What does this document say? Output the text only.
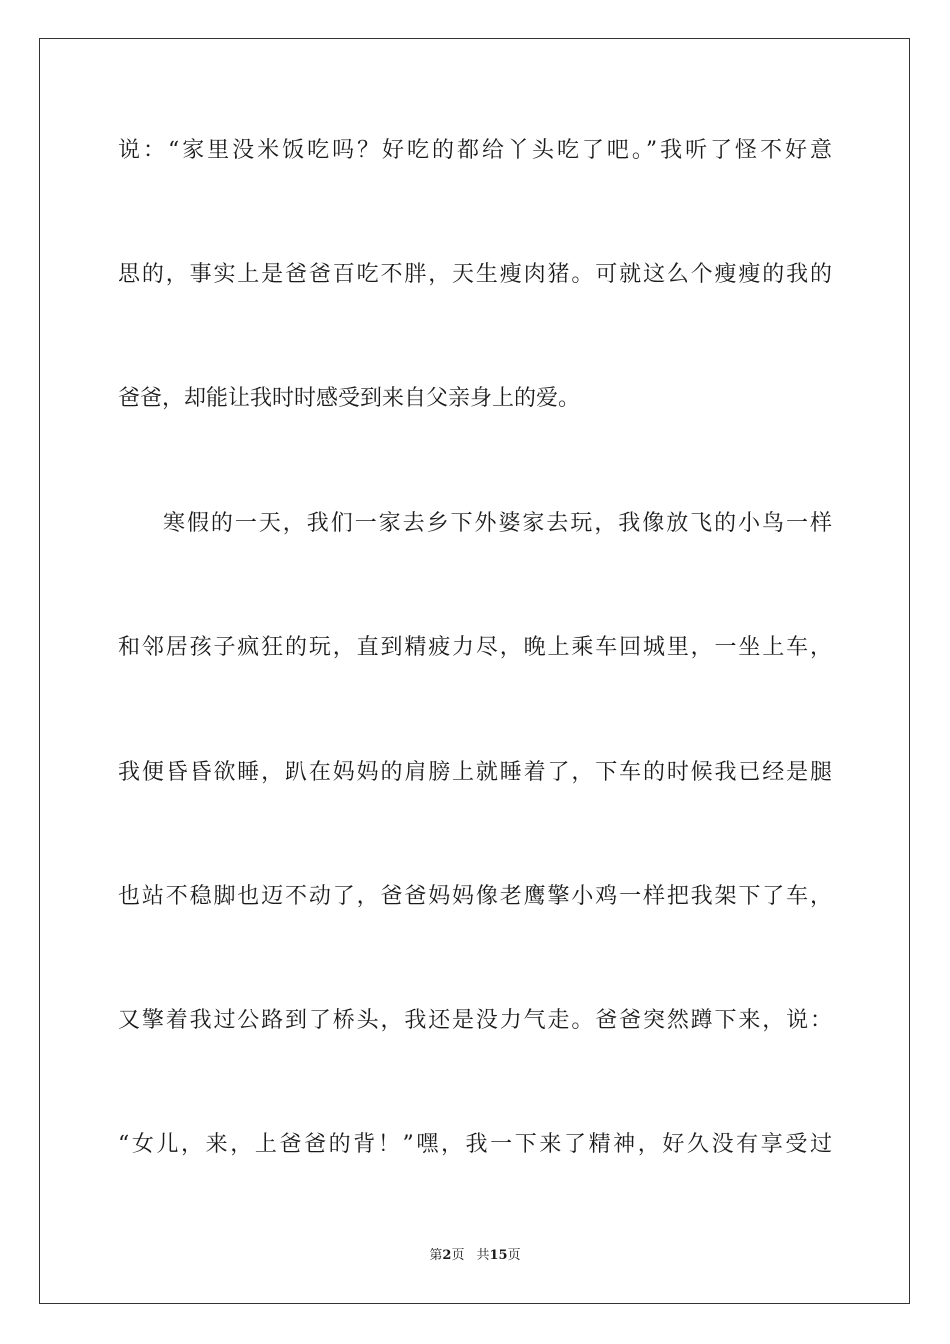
说：“家里没米饭吃吗？好吃的都给丫头吃了吧。”我听了怪不好意
思的，事实上是爸爸百吃不胖，天生瘦肉猪。可就这么个瘦瘦的我的
爸爸，却能让我时时感受到来自父亲身上的爱。
寒假的一天，我们一家去乡下外婆家去玩，我像放飞的小鸟一样
和邻居孩子疯狂的玩，直到精疲力尽，晚上乘车回城里，一坐上车，
我便昏昏欲睡，趴在妈妈的肩膀上就睡着了，下车的时候我已经是腿
也站不稳脚也迈不动了，爸爸妈妈像老鹰擎小鸡一样把我架下了车，
又擎着我过公路到了桥头，我还是没力气走。爸爸突然蹲下来，说：
“女儿，来，上爸爸的背！”嘿，我一下来了精神，好久没有享受过
第2页 共15页
